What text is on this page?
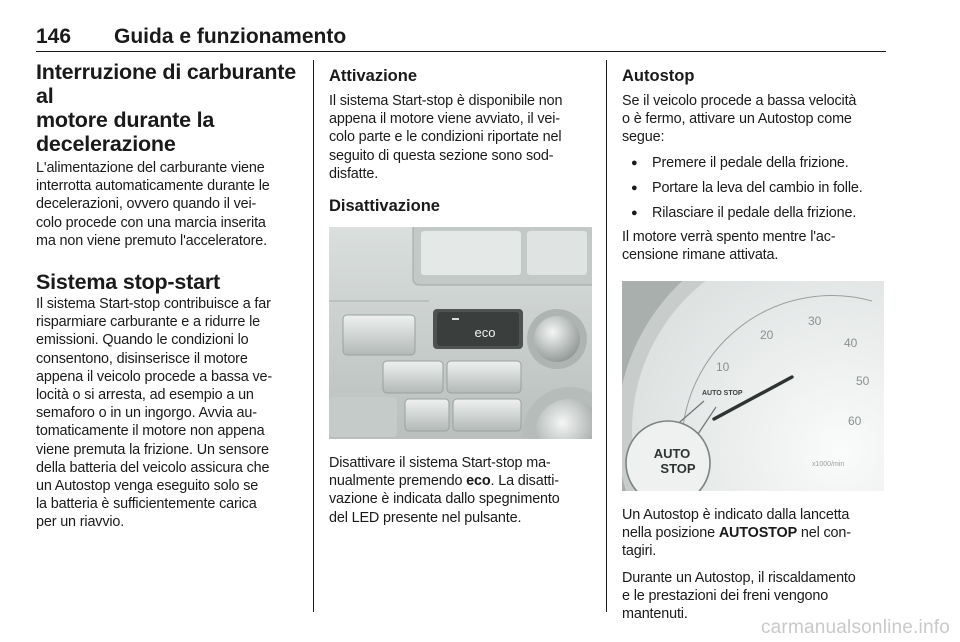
146 Guida e funzionamento
Interruzione di carburante al
motore durante la
decelerazione

L'alimentazione del carburante viene
interrotta automaticamente durante le
decelerazioni, ovvero quando il vei-
colo procede con una marcia inserita
ma non viene premuto l'acceleratore.

Sistema stop-start

Il sistema Start-stop contribuisce a far
risparmiare carburante e a ridurre le
emissioni. Quando le condizioni lo
consentono, disinserisce il motore
appena il veicolo procede a bassa ve-
locità o si arresta, ad esempio a un
semaforo o in un ingorgo. Avvia au-
tomaticamente il motore non appena
viene premuta la frizione. Un sensore
della batteria del veicolo assicura che
un Autostop venga eseguito solo se
la batteria è sufficientemente carica
per un riavvio.

Attivazione

Il sistema Start-stop è disponibile non
appena il motore viene avviato, il vei-
colo parte e le condizioni riportate nel
seguito di questa sezione sono sod-
disfatte.

Disattivazione
eco

Disattivare il sistema Start-stop ma-
nualmente premendo eco. La disatti-
vazione è indicata dallo spegnimento
del LED presente nel pulsante.

Autostop

Se il veicolo procede a bassa velocità
o è fermo, attivare un Autostop come
segue:

● Premere il pedale della frizione.
● Portare la leva del cambio in folle.
● Rilasciare il pedale della frizione.

Il motore verrà spento mentre l'ac-
censione rimane attivata.

10
20
30
40
50
60
AUTO STOP
x1000/min
AUTO
STOP

Un Autostop è indicato dalla lancetta
nella posizione AUTOSTOP nel con-
tagiri.

Durante un Autostop, il riscaldamento
e le prestazioni dei freni vengono
mantenuti.

carmanualsonline.info
